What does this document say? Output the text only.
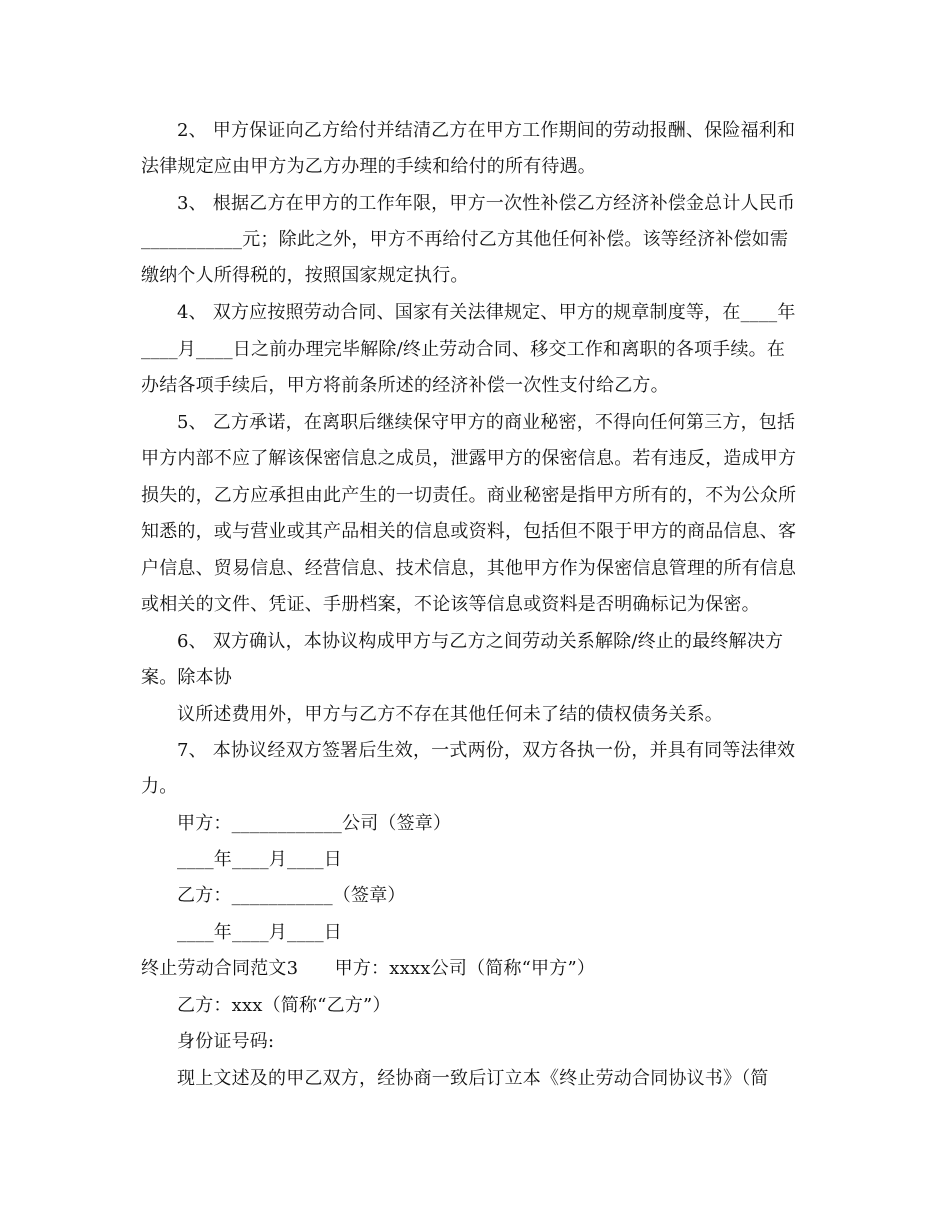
2、 甲方保证向乙方给付并结清乙方在甲方工作期间的劳动报酬、保险福利和
法律规定应由甲方为乙方办理的手续和给付的所有待遇。
3、 根据乙方在甲方的工作年限，甲方一次性补偿乙方经济补偿金总计人民币
___________元；除此之外，甲方不再给付乙方其他任何补偿。该等经济补偿如需
缴纳个人所得税的，按照国家规定执行。
4、 双方应按照劳动合同、国家有关法律规定、甲方的规章制度等，在____年
____月____日之前办理完毕解除/终止劳动合同、移交工作和离职的各项手续。在
办结各项手续后，甲方将前条所述的经济补偿一次性支付给乙方。
5、 乙方承诺，在离职后继续保守甲方的商业秘密，不得向任何第三方，包括
甲方内部不应了解该保密信息之成员，泄露甲方的保密信息。若有违反，造成甲方
损失的，乙方应承担由此产生的一切责任。商业秘密是指甲方所有的，不为公众所
知悉的，或与营业或其产品相关的信息或资料，包括但不限于甲方的商品信息、客
户信息、贸易信息、经营信息、技术信息，其他甲方作为保密信息管理的所有信息
或相关的文件、凭证、手册档案，不论该等信息或资料是否明确标记为保密。
6、 双方确认，本协议构成甲方与乙方之间劳动关系解除/终止的最终解决方
案。除本协
议所述费用外，甲方与乙方不存在其他任何未了结的债权债务关系。
7、 本协议经双方签署后生效，一式两份，双方各执一份，并具有同等法律效
力。
甲方：____________公司（签章）
____年____月____日
乙方：___________（签章）
____年____月____日
终止劳动合同范文3　　甲方：xxxx公司（简称“甲方”）
乙方：xxx（简称“乙方”）
身份证号码:
现上文述及的甲乙双方，经协商一致后订立本《终止劳动合同协议书》（简
